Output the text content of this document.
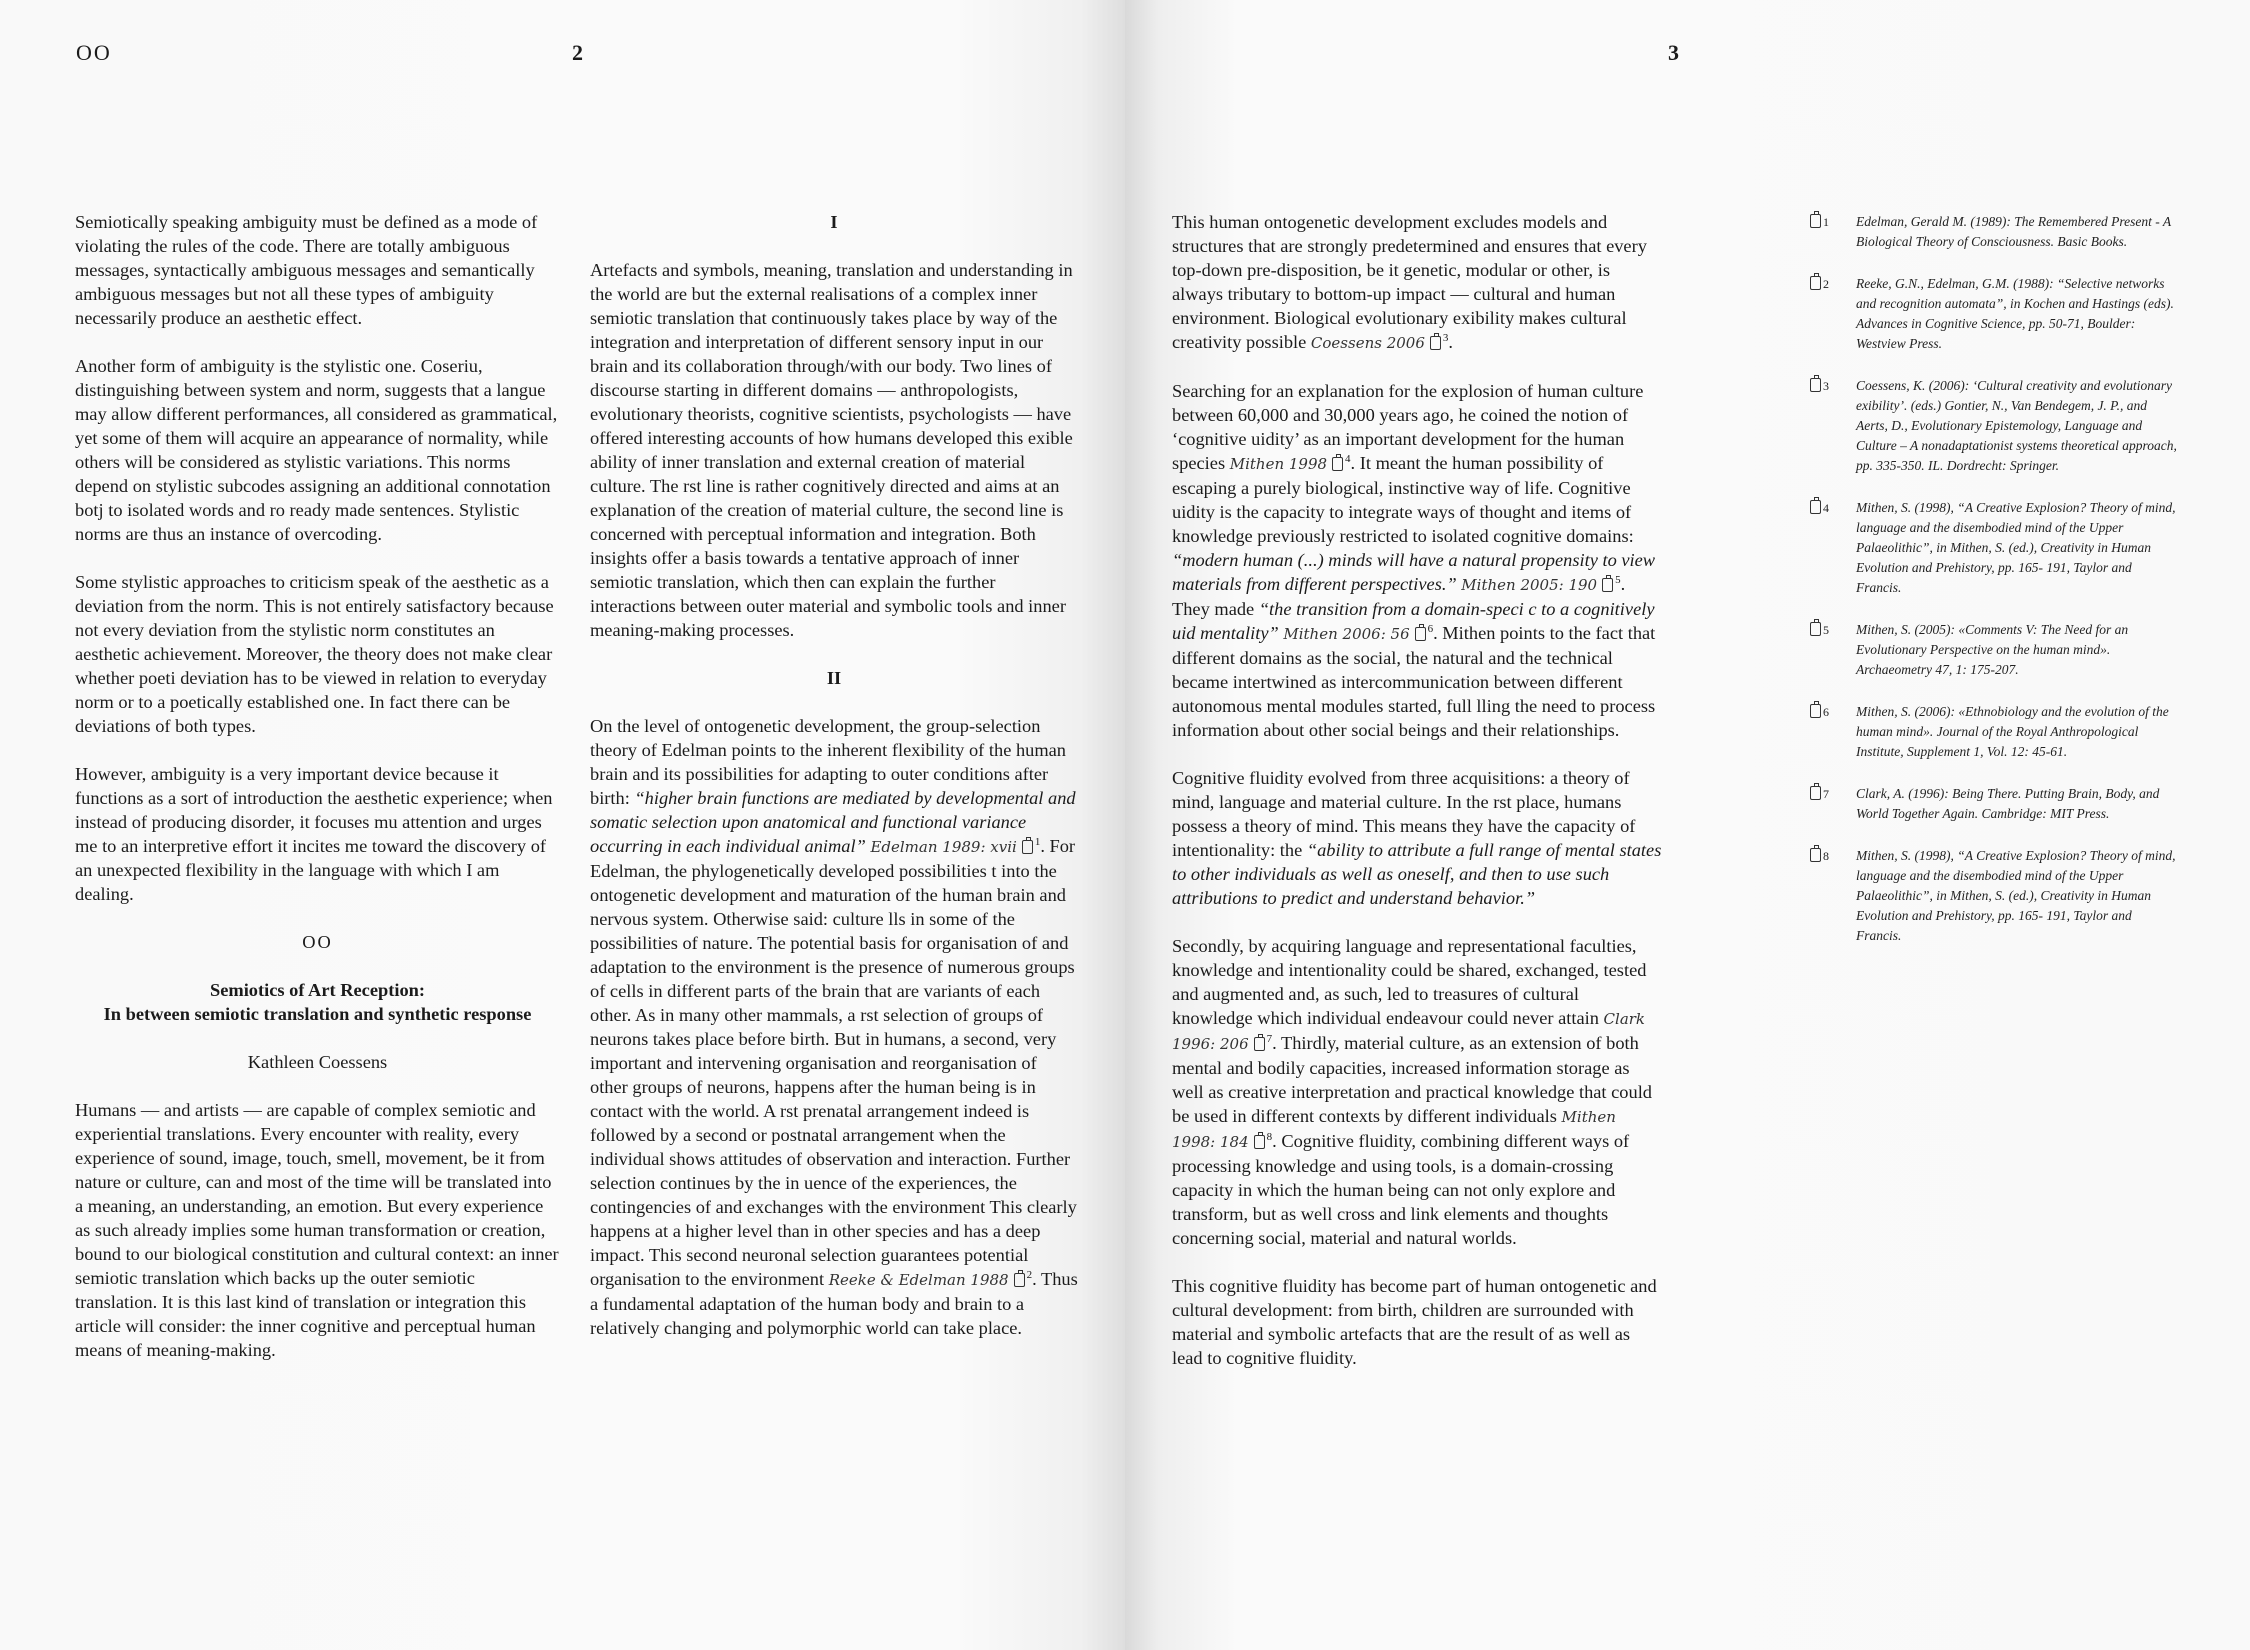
OO	2

Semiotically speaking ambiguity must be defined as a mode of violating the rules of the code. There are totally ambiguous messages, syntactically ambiguous messages and semantically ambiguous messages but not all these types of ambiguity necessarily produce an aesthetic effect.

Another form of ambiguity is the stylistic one. Coseriu, distinguishing between system and norm, suggests that a langue may allow different performances, all considered as grammatical, yet some of them will acquire an appearance of normality, while others will be considered as stylistic variations. This norms depend on stylistic subcodes assigning an additional connotation botj to isolated words and ro ready made sentences. Stylistic norms are thus an instance of overcoding.

Some stylistic approaches to criticism speak of the aesthetic as a deviation from the norm. This is not entirely satisfactory because not every deviation from the stylistic norm constitutes an aesthetic achievement. Moreover, the theory does not make clear whether poeti deviation has to be viewed in relation to everyday norm or to a poetically established one. In fact there can be deviations of both types.

However, ambiguity is a very important device because it functions as a sort of introduction the aesthetic experience; when instead of producing disorder, it focuses mu attention and urges me to an interpretive effort it incites me toward the discovery of an unexpected flexibility in the language with which I am dealing.

OO

Semiotics of Art Reception:
In between semiotic translation and synthetic response

Kathleen Coessens

Humans — and artists — are capable of complex semiotic and experiential translations. Every encounter with reality, every experience of sound, image, touch, smell, movement, be it from nature or culture, can and most of the time will be translated into a meaning, an understanding, an emotion. But every experience as such already implies some human transformation or creation, bound to our biological constitution and cultural context: an inner semiotic translation which backs up the outer semiotic translation. It is this last kind of translation or integration this article will consider: the inner cognitive and perceptual human means of meaning-making.

I

Artefacts and symbols, meaning, translation and understanding in the world are but the external realisations of a complex inner semiotic translation that continuously takes place by way of the integration and interpretation of different sensory input in our brain and its collaboration through/with our body. Two lines of discourse starting in different domains — anthropologists, evolutionary theorists, cognitive scientists, psychologists — have offered interesting accounts of how humans developed this exible ability of inner translation and external creation of material culture. The rst line is rather cognitively directed and aims at an explanation of the creation of material culture, the second line is concerned with perceptual information and integration. Both insights offer a basis towards a tentative approach of inner semiotic translation, which then can explain the further interactions between outer material and symbolic tools and inner meaning-making processes.

II

On the level of ontogenetic development, the group-selection theory of Edelman points to the inherent flexibility of the human brain and its possibilities for adapting to outer conditions after birth: “higher brain functions are mediated by developmental and somatic selection upon anatomical and functional variance occurring in each individual animal” Edelman 1989: xvii $^1$. For Edelman, the phylogenetically developed possibilities t into the ontogenetic development and maturation of the human brain and nervous system. Otherwise said: culture lls in some of the possibilities of nature. The potential basis for organisation of and adaptation to the environment is the presence of numerous groups of cells in different parts of the brain that are variants of each other. As in many other mammals, a rst selection of groups of neurons takes place before birth. But in humans, a second, very important and intervening organisation and reorganisation of other groups of neurons, happens after the human being is in contact with the world. A rst prenatal arrangement indeed is followed by a second or postnatal arrangement when the individual shows attitudes of observation and interaction. Further selection continues by the in uence of the experiences, the contingencies of and exchanges with the environment This clearly happens at a higher level than in other species and has a deep impact. This second neuronal selection guarantees potential organisation to the environment Reeke & Edelman 1988 $^2$. Thus a fundamental adaptation of the human body and brain to a relatively changing and polymorphic world can take place.

3

This human ontogenetic development excludes models and structures that are strongly predetermined and ensures that every top-down pre-disposition, be it genetic, modular or other, is always tributary to bottom-up impact — cultural and human environment. Biological evolutionary exibility makes cultural creativity possible Coessens 2006 $^3$.

Searching for an explanation for the explosion of human culture between 60,000 and 30,000 years ago, he coined the notion of ‘cognitive uidity’ as an important development for the human species Mithen 1998 $^4$. It meant the human possibility of escaping a purely biological, instinctive way of life. Cognitive uidity is the capacity to integrate ways of thought and items of knowledge previously restricted to isolated cognitive domains: “modern human (...) minds will have a natural propensity to view materials from different perspectives.” Mithen 2005: 190 $^5$. They made “the transition from a domain-speci c to a cognitively uid mentality” Mithen 2006: 56 $^6$. Mithen points to the fact that different domains as the social, the natural and the technical became intertwined as intercommunication between different autonomous mental modules started, full lling the need to process information about other social beings and their relationships.

Cognitive fluidity evolved from three acquisitions: a theory of mind, language and material culture. In the rst place, humans possess a theory of mind. This means they have the capacity of intentionality: the “ability to attribute a full range of mental states to other individuals as well as oneself, and then to use such attributions to predict and understand behavior.”

Secondly, by acquiring language and representational faculties, knowledge and intentionality could be shared, exchanged, tested and augmented and, as such, led to treasures of cultural knowledge which individual endeavour could never attain Clark 1996: 206 $^7$. Thirdly, material culture, as an extension of both mental and bodily capacities, increased information storage as well as creative interpretation and practical knowledge that could be used in different contexts by different individuals Mithen 1998: 184 $^8$. Cognitive fluidity, combining different ways of processing knowledge and using tools, is a domain-crossing capacity in which the human being can not only explore and transform, but as well cross and link elements and thoughts concerning social, material and natural worlds.

This cognitive fluidity has become part of human ontogenetic and cultural development: from birth, children are surrounded with material and symbolic artefacts that are the result of as well as lead to cognitive fluidity.

1 Edelman, Gerald M. (1989): The Remembered Present - A Biological Theory of Consciousness. Basic Books.
2 Reeke, G.N., Edelman, G.M. (1988): “Selective networks and recognition automata”, in Kochen and Hastings (eds). Advances in Cognitive Science, pp. 50-71, Boulder: Westview Press.
3 Coessens, K. (2006): ‘Cultural creativity and evolutionary exibility’. (eds.) Gontier, N., Van Bendegem, J. P., and Aerts, D., Evolutionary Epistemology, Language and Culture – A nonadaptationist systems theoretical approach, pp. 335-350. IL. Dordrecht: Springer.
4 Mithen, S. (1998), “A Creative Explosion? Theory of mind, language and the disembodied mind of the Upper Palaeolithic”, in Mithen, S. (ed.), Creativity in Human Evolution and Prehistory, pp. 165- 191, Taylor and Francis.
5 Mithen, S. (2005): «Comments V: The Need for an Evolutionary Perspective on the human mind». Archaeometry 47, 1: 175-207.
6 Mithen, S. (2006): «Ethnobiology and the evolution of the human mind». Journal of the Royal Anthropological Institute, Supplement 1, Vol. 12: 45-61.
7 Clark, A. (1996): Being There. Putting Brain, Body, and World Together Again. Cambridge: MIT Press.
8 Mithen, S. (1998), “A Creative Explosion? Theory of mind, language and the disembodied mind of the Upper Palaeolithic”, in Mithen, S. (ed.), Creativity in Human Evolution and Prehistory, pp. 165- 191, Taylor and Francis.
